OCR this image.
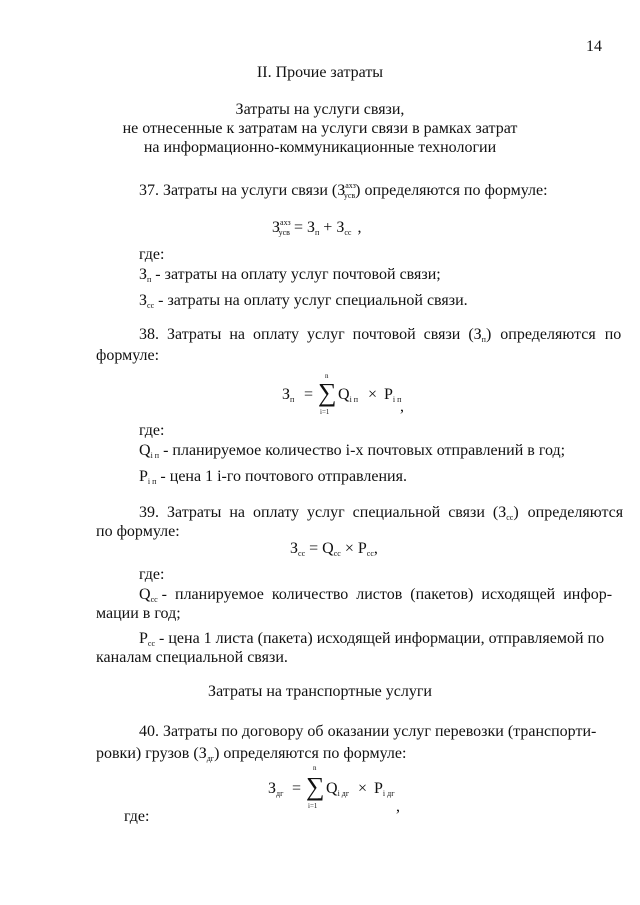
14
II. Прочие затраты
Затраты на услуги связи,
не отнесенные к затратам на услуги связи в рамках затрат
на информационно-коммуникационные технологии
37. Затраты на услуги связи $(З^{ахз}_{усв})$ определяются по формуле:
$З^{ахз}_{усв} = З_п + З_{сс}$ ,
где:
$З_п$ - затраты на оплату услуг почтовой связи;
$З_{сс}$ - затраты на оплату услуг специальной связи.
38. Затраты на оплату услуг почтовой связи $(З_п)$ определяются по
формуле:
$З_п$ =
n
∑
i=1
$Q_{i п} \times P_{i п}$
,
где:
$Q_{i п}$ - планируемое количество i-х почтовых отправлений в год;
$P_{i п}$ - цена 1 i-го почтового отправления.
39. Затраты на оплату услуг специальной связи $(З_{сс})$ определяются
по формуле:
$З_{сс} = Q_{сс} \times P_{сс}$,
где:
$Q_{сс}$ - планируемое количество листов (пакетов) исходящей инфор-
мации в год;
$P_{сс}$ - цена 1 листа (пакета) исходящей информации, отправляемой по
каналам специальной связи.
Затраты на транспортные услуги
40. Затраты по договору об оказании услуг перевозки (транспорти-
ровки) грузов $(З_{дг})$ определяются по формуле:
$З_{дг}$ =
n
∑
i=1
$Q_{i дг} \times P_{i дг}$
,
где:
